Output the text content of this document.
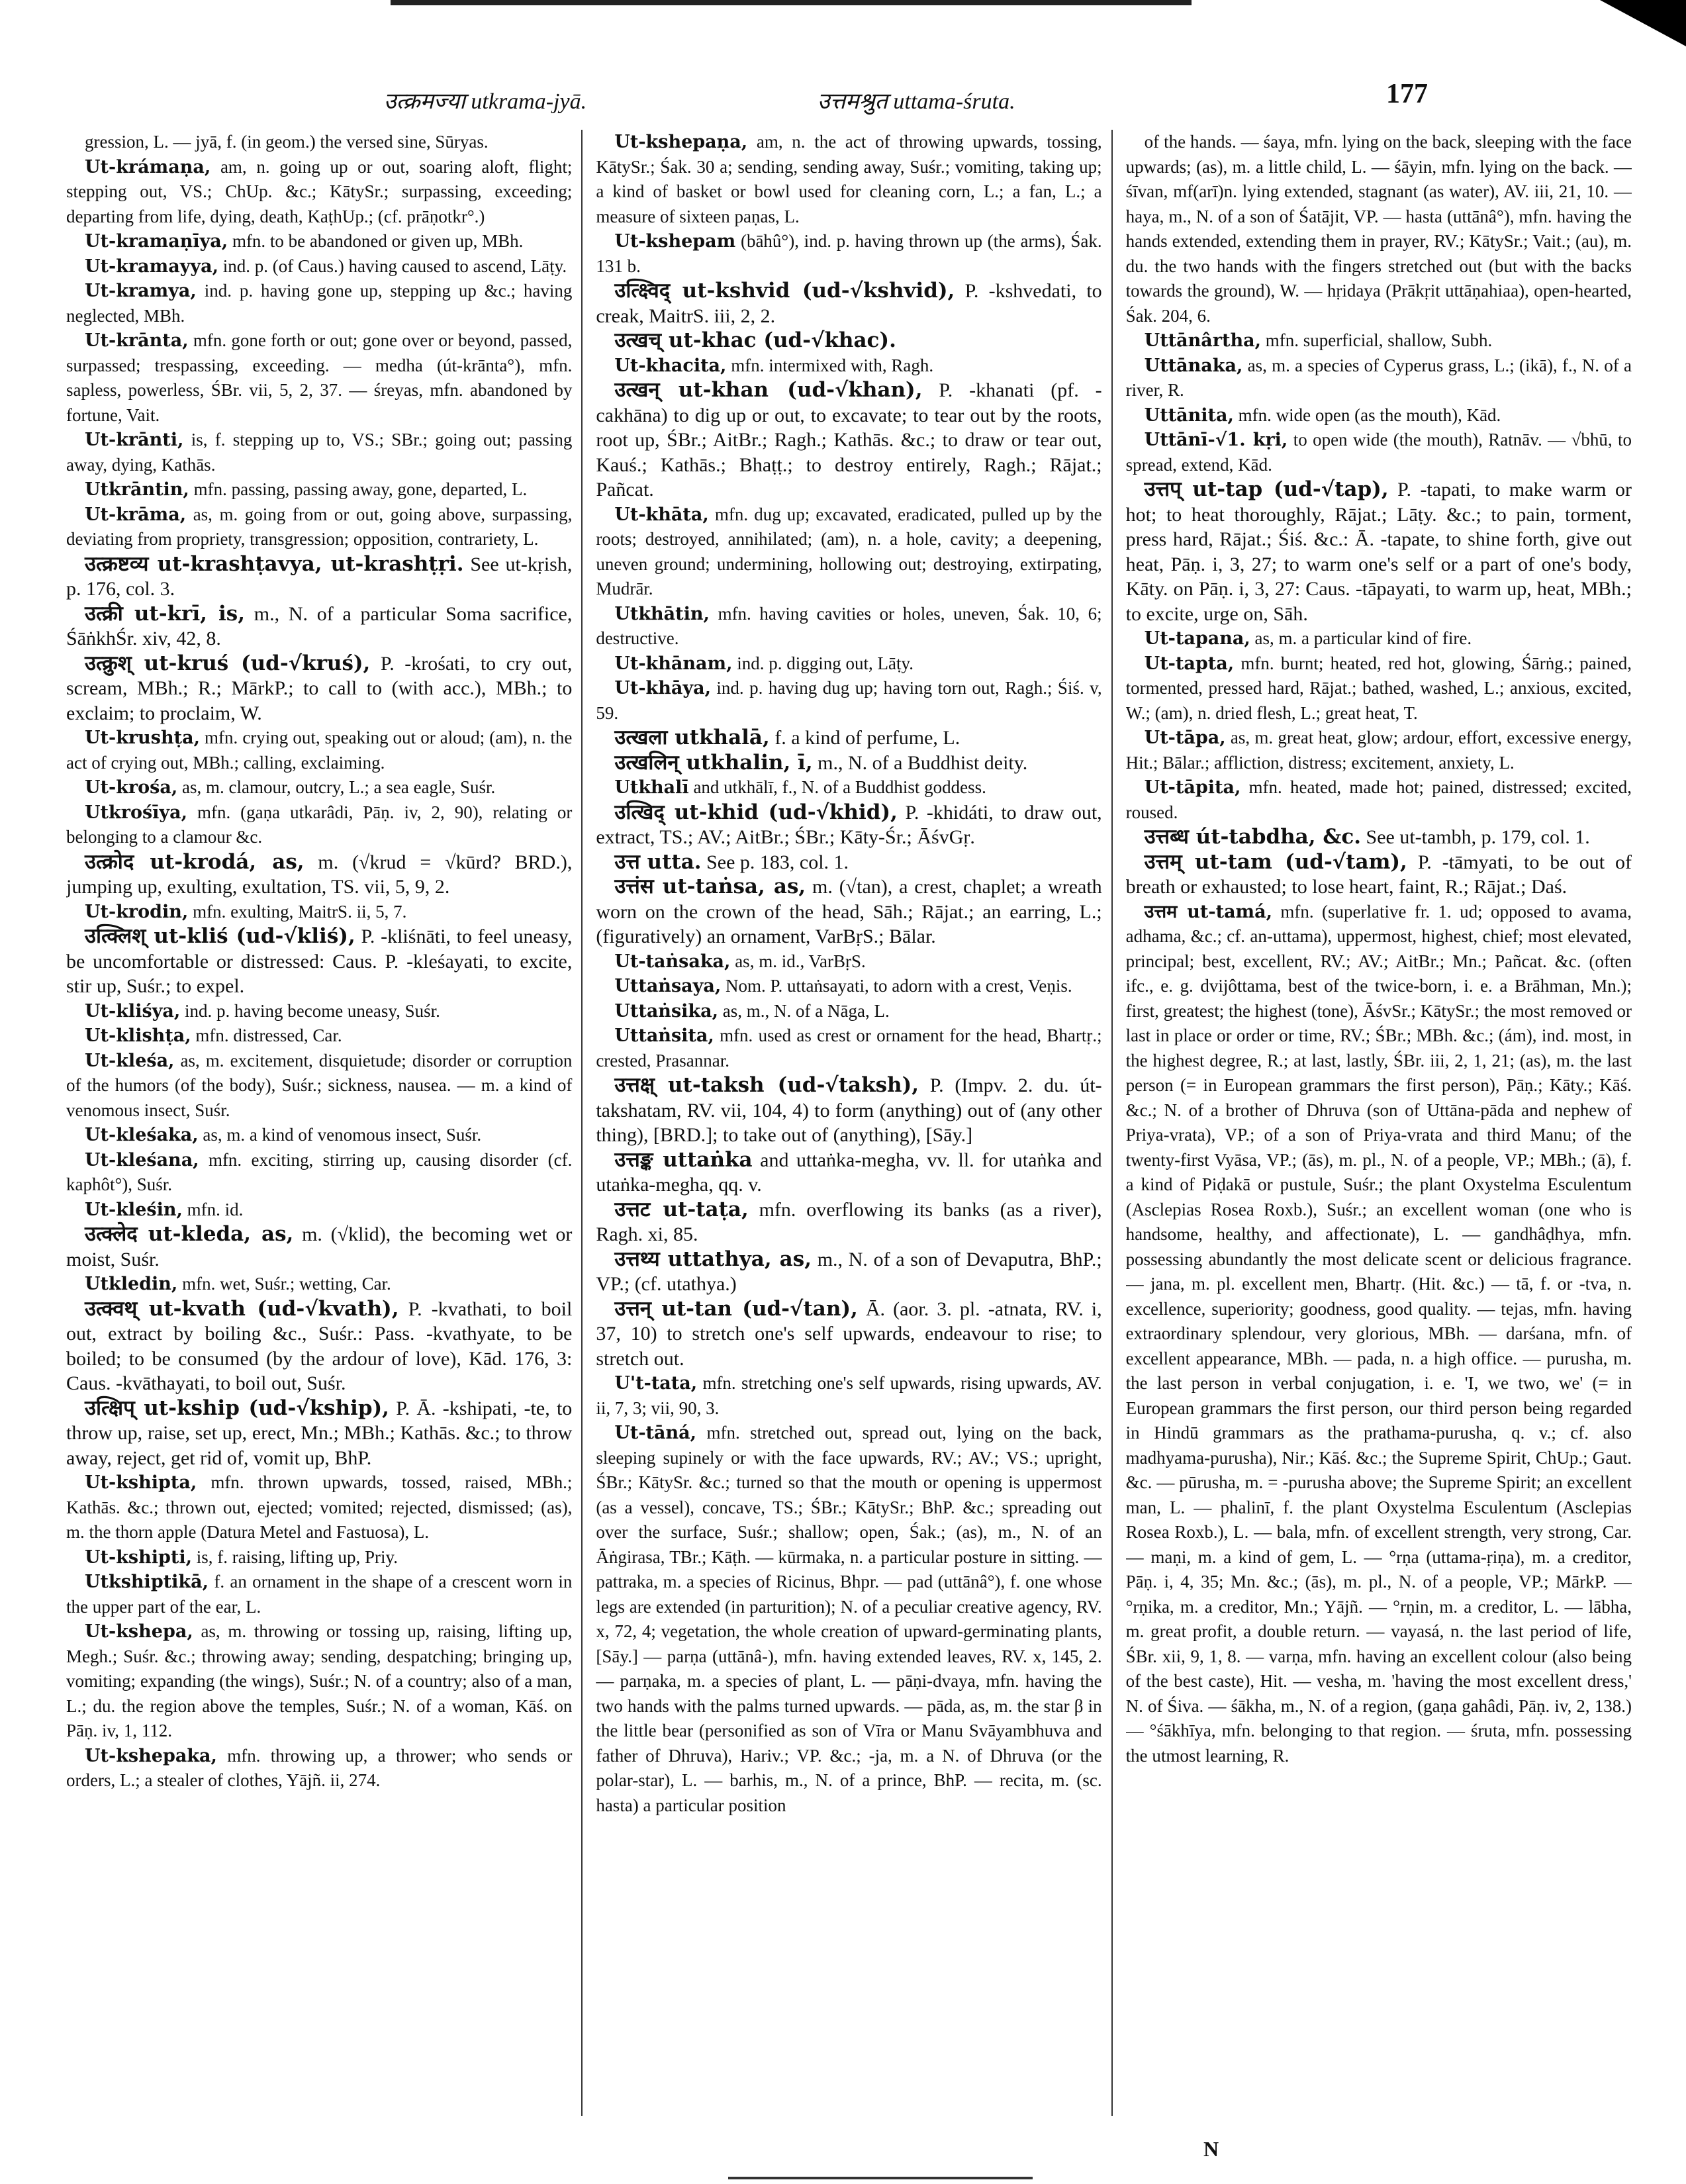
उत्क्रमज्या utkrama-jyā.	उत्तमश्रुत uttama-śruta.	177

gression, L. — jyā, f. (in geom.) the versed sine, Sūryas.

Ut-krámaṇa, am, n. going up or out, soaring aloft, flight; stepping out, VS.; ChUp. &c.; KātySr.; surpassing, exceeding; departing from life, dying, death, KaṭhUp.; (cf. prāṇotkr°.)

Ut-kramaṇīya, mfn. to be abandoned or given up, MBh.

Ut-kramayya, ind. p. (of Caus.) having caused to ascend, Lāṭy.

Ut-kramya, ind. p. having gone up, stepping up &c.; having neglected, MBh.

Ut-krānta, mfn. gone forth or out; gone over or beyond, passed, surpassed; trespassing, exceeding. — medha (út-krānta°), mfn. sapless, powerless, ŚBr. vii, 5, 2, 37. — śreyas, mfn. abandoned by fortune, Vait.

Ut-krānti, is, f. stepping up to, VS.; SBr.; going out; passing away, dying, Kathās.

Utkrāntin, mfn. passing, passing away, gone, departed, L.

Ut-krāma, as, m. going from or out, going above, surpassing, deviating from propriety, transgression; opposition, contrariety, L.

उत्क्रष्टव्य ut-krashṭavya, ut-krashṭṛi. See ut-kṛish, p. 176, col. 3.

उत्क्री ut-krī, is, m., N. of a particular Soma sacrifice, ŚāṅkhŚr. xiv, 42, 8.

उत्क्रुश् ut-kruś (ud-√kruś), P. -krośati, to cry out, scream, MBh.; R.; MārkP.; to call to (with acc.), MBh.; to exclaim; to proclaim, W.

Ut-krushṭa, mfn. crying out, speaking out or aloud; (am), n. the act of crying out, MBh.; calling, exclaiming.

Ut-krośa, as, m. clamour, outcry, L.; a sea eagle, Suśr.

Utkrośīya, mfn. (gaṇa utkarâdi, Pāṇ. iv, 2, 90), relating or belonging to a clamour &c.

उत्क्रोद ut-krodá, as, m. (√krud = √kūrd? BRD.), jumping up, exulting, exultation, TS. vii, 5, 9, 2.

Ut-krodin, mfn. exulting, MaitrS. ii, 5, 7.

उत्क्लिश् ut-kliś (ud-√kliś), P. -kliśnāti, to feel uneasy, be uncomfortable or distressed: Caus. P. -kleśayati, to excite, stir up, Suśr.; to expel.

Ut-kliśya, ind. p. having become uneasy, Suśr.

Ut-klishṭa, mfn. distressed, Car.

Ut-kleśa, as, m. excitement, disquietude; disorder or corruption of the humors (of the body), Suśr.; sickness, nausea. — m. a kind of venomous insect, Suśr.

Ut-kleśaka, as, m. a kind of venomous insect, Suśr.

Ut-kleśana, mfn. exciting, stirring up, causing disorder (cf. kaphôt°), Suśr.

Ut-kleśin, mfn. id.

उत्क्लेद ut-kleda, as, m. (√klid), the becoming wet or moist, Suśr.

Utkledin, mfn. wet, Suśr.; wetting, Car.

उत्क्वथ् ut-kvath (ud-√kvath), P. -kvathati, to boil out, extract by boiling &c., Suśr.: Pass. -kvathyate, to be boiled; to be consumed (by the ardour of love), Kād. 176, 3: Caus. -kvāthayati, to boil out, Suśr.

उत्क्षिप् ut-kship (ud-√kship), P. Ā. -kshipati, -te, to throw up, raise, set up, erect, Mn.; MBh.; Kathās. &c.; to throw away, reject, get rid of, vomit up, BhP.

Ut-kshipta, mfn. thrown upwards, tossed, raised, MBh.; Kathās. &c.; thrown out, ejected; vomited; rejected, dismissed; (as), m. the thorn apple (Datura Metel and Fastuosa), L.

Ut-kshipti, is, f. raising, lifting up, Priy.

Utkshiptikā, f. an ornament in the shape of a crescent worn in the upper part of the ear, L.

Ut-kshepa, as, m. throwing or tossing up, raising, lifting up, Megh.; Suśr. &c.; throwing away; sending, despatching; bringing up, vomiting; expanding (the wings), Suśr.; N. of a country; also of a man, L.; du. the region above the temples, Suśr.; N. of a woman, Kāś. on Pāṇ. iv, 1, 112.

Ut-kshepaka, mfn. throwing up, a thrower; who sends or orders, L.; a stealer of clothes, Yājñ. ii, 274.

Ut-kshepaṇa, am, n. the act of throwing upwards, tossing, KātySr.; Śak. 30 a; sending, sending away, Suśr.; vomiting, taking up; a kind of basket or bowl used for cleaning corn, L.; a fan, L.; a measure of sixteen paṇas, L.

Ut-kshepam (bāhû°), ind. p. having thrown up (the arms), Śak. 131 b.

उत्क्ष्विद् ut-kshvid (ud-√kshvid), P. -kshvedati, to creak, MaitrS. iii, 2, 2.

उत्खच् ut-khac (ud-√khac).

Ut-khacita, mfn. intermixed with, Ragh.

उत्खन् ut-khan (ud-√khan), P. -khanati (pf. -cakhāna) to dig up or out, to excavate; to tear out by the roots, root up, ŚBr.; AitBr.; Ragh.; Kathās. &c.; to draw or tear out, Kauś.; Kathās.; Bhaṭṭ.; to destroy entirely, Ragh.; Rājat.; Pañcat.

Ut-khāta, mfn. dug up; excavated, eradicated, pulled up by the roots; destroyed, annihilated; (am), n. a hole, cavity; a deepening, uneven ground; undermining, hollowing out; destroying, extirpating, Mudrār.

Utkhātin, mfn. having cavities or holes, uneven, Śak. 10, 6; destructive.

Ut-khānam, ind. p. digging out, Lāṭy.

Ut-khāya, ind. p. having dug up; having torn out, Ragh.; Śiś. v, 59.

उत्खला utkhalā, f. a kind of perfume, L.

उत्खलिन् utkhalin, ī, m., N. of a Buddhist deity.

Utkhalī and utkhālī, f., N. of a Buddhist goddess.

उत्खिद् ut-khid (ud-√khid), P. -khidáti, to draw out, extract, TS.; AV.; AitBr.; ŚBr.; Kāty-Śr.; ĀśvGṛ.

उत्त utta. See p. 183, col. 1.

उत्तंस ut-taṅsa, as, m. (√tan), a crest, chaplet; a wreath worn on the crown of the head, Sāh.; Rājat.; an earring, L.; (figuratively) an ornament, VarBṛS.; Bālar.

Ut-taṅsaka, as, m. id., VarBṛS.

Uttaṅsaya, Nom. P. uttaṅsayati, to adorn with a crest, Veṇis.

Uttaṅsika, as, m., N. of a Nāga, L.

Uttaṅsita, mfn. used as crest or ornament for the head, Bhartṛ.; crested, Prasannar.

उत्तक्ष् ut-taksh (ud-√taksh), P. (Impv. 2. du. út-takshatam, RV. vii, 104, 4) to form (anything) out of (any other thing), [BRD.]; to take out of (anything), [Sāy.]

उत्तङ्क uttaṅka and uttaṅka-megha, vv. ll. for utaṅka and utaṅka-megha, qq. v.

उत्तट ut-taṭa, mfn. overflowing its banks (as a river), Ragh. xi, 85.

उत्तथ्य uttathya, as, m., N. of a son of Devaputra, BhP.; VP.; (cf. utathya.)

उत्तन् ut-tan (ud-√tan), Ā. (aor. 3. pl. -atnata, RV. i, 37, 10) to stretch one's self upwards, endeavour to rise; to stretch out.

U't-tata, mfn. stretching one's self upwards, rising upwards, AV. ii, 7, 3; vii, 90, 3.

Ut-tāná, mfn. stretched out, spread out, lying on the back, sleeping supinely or with the face upwards, RV.; AV.; VS.; upright, ŚBr.; KātySr. &c.; turned so that the mouth or opening is uppermost (as a vessel), concave, TS.; ŚBr.; KātySr.; BhP. &c.; spreading out over the surface, Suśr.; shallow; open, Śak.; (as), m., N. of an Āṅgirasa, TBr.; Kāṭh. — kūrmaka, n. a particular posture in sitting. — pattraka, m. a species of Ricinus, Bhpr. — pad (uttānâ°), f. one whose legs are extended (in parturition); N. of a peculiar creative agency, RV. x, 72, 4; vegetation, the whole creation of upward-germinating plants, [Sāy.] — parṇa (uttānâ-), mfn. having extended leaves, RV. x, 145, 2. — parṇaka, m. a species of plant, L. — pāṇi-dvaya, mfn. having the two hands with the palms turned upwards. — pāda, as, m. the star β in the little bear (personified as son of Vīra or Manu Svāyambhuva and father of Dhruva), Hariv.; VP. &c.; -ja, m. a N. of Dhruva (or the polar-star), L. — barhis, m., N. of a prince, BhP. — recita, m. (sc. hasta) a particular position

of the hands. — śaya, mfn. lying on the back, sleeping with the face upwards; (as), m. a little child, L. — śāyin, mfn. lying on the back. — śīvan, mf(arī)n. lying extended, stagnant (as water), AV. iii, 21, 10. — haya, m., N. of a son of Śatājit, VP. — hasta (uttānâ°), mfn. having the hands extended, extending them in prayer, RV.; KātySr.; Vait.; (au), m. du. the two hands with the fingers stretched out (but with the backs towards the ground), W. — hṛidaya (Prākṛit uttāṇahiaa), open-hearted, Śak. 204, 6.

Uttānârtha, mfn. superficial, shallow, Subh.

Uttānaka, as, m. a species of Cyperus grass, L.; (ikā), f., N. of a river, R.

Uttānita, mfn. wide open (as the mouth), Kād.

Uttānī-√1. kṛi, to open wide (the mouth), Ratnāv. — √bhū, to spread, extend, Kād.

उत्तप् ut-tap (ud-√tap), P. -tapati, to make warm or hot; to heat thoroughly, Rājat.; Lāṭy. &c.; to pain, torment, press hard, Rājat.; Śiś. &c.: Ā. -tapate, to shine forth, give out heat, Pāṇ. i, 3, 27; to warm one's self or a part of one's body, Kāty. on Pāṇ. i, 3, 27: Caus. -tāpayati, to warm up, heat, MBh.; to excite, urge on, Sāh.

Ut-tapana, as, m. a particular kind of fire.

Ut-tapta, mfn. burnt; heated, red hot, glowing, Śārṅg.; pained, tormented, pressed hard, Rājat.; bathed, washed, L.; anxious, excited, W.; (am), n. dried flesh, L.; great heat, T.

Ut-tāpa, as, m. great heat, glow; ardour, effort, excessive energy, Hit.; Bālar.; affliction, distress; excitement, anxiety, L.

Ut-tāpita, mfn. heated, made hot; pained, distressed; excited, roused.

उत्तब्ध út-tabdha, &c. See ut-tambh, p. 179, col. 1.

उत्तम् ut-tam (ud-√tam), P. -tāmyati, to be out of breath or exhausted; to lose heart, faint, R.; Rājat.; Daś.

उत्तम ut-tamá, mfn. (superlative fr. 1. ud; opposed to avama, adhama, &c.; cf. an-uttama), uppermost, highest, chief; most elevated, principal; best, excellent, RV.; AV.; AitBr.; Mn.; Pañcat. &c. (often ifc., e. g. dvijôttama, best of the twice-born, i. e. a Brāhman, Mn.); first, greatest; the highest (tone), ĀśvSr.; KātySr.; the most removed or last in place or order or time, RV.; ŚBr.; MBh. &c.; (ám), ind. most, in the highest degree, R.; at last, lastly, ŚBr. iii, 2, 1, 21; (as), m. the last person (= in European grammars the first person), Pāṇ.; Kāty.; Kāś. &c.; N. of a brother of Dhruva (son of Uttāna-pāda and nephew of Priya-vrata), VP.; of a son of Priya-vrata and third Manu; of the twenty-first Vyāsa, VP.; (ās), m. pl., N. of a people, VP.; MBh.; (ā), f. a kind of Piḍakā or pustule, Suśr.; the plant Oxystelma Esculentum (Asclepias Rosea Roxb.), Suśr.; an excellent woman (one who is handsome, healthy, and affectionate), L. — gandhâḍhya, mfn. possessing abundantly the most delicate scent or delicious fragrance. — jana, m. pl. excellent men, Bhartṛ. (Hit. &c.) — tā, f. or -tva, n. excellence, superiority; goodness, good quality. — tejas, mfn. having extraordinary splendour, very glorious, MBh. — darśana, mfn. of excellent appearance, MBh. — pada, n. a high office. — purusha, m. the last person in verbal conjugation, i. e. 'I, we two, we' (= in European grammars the first person, our third person being regarded in Hindū grammars as the prathama-purusha, q. v.; cf. also madhyama-purusha), Nir.; Kāś. &c.; the Supreme Spirit, ChUp.; Gaut. &c. — pūrusha, m. = -purusha above; the Supreme Spirit; an excellent man, L. — phalinī, f. the plant Oxystelma Esculentum (Asclepias Rosea Roxb.), L. — bala, mfn. of excellent strength, very strong, Car. — maṇi, m. a kind of gem, L. — °rṇa (uttama-ṛiṇa), m. a creditor, Pāṇ. i, 4, 35; Mn. &c.; (ās), m. pl., N. of a people, VP.; MārkP. — °rṇika, m. a creditor, Mn.; Yājñ. — °rṇin, m. a creditor, L. — lābha, m. great profit, a double return. — vayasá, n. the last period of life, ŚBr. xii, 9, 1, 8. — varṇa, mfn. having an excellent colour (also being of the best caste), Hit. — vesha, m. 'having the most excellent dress,' N. of Śiva. — śākha, m., N. of a region, (gaṇa gahâdi, Pāṇ. iv, 2, 138.) — °śākhīya, mfn. belonging to that region. — śruta, mfn. possessing the utmost learning, R.

N
